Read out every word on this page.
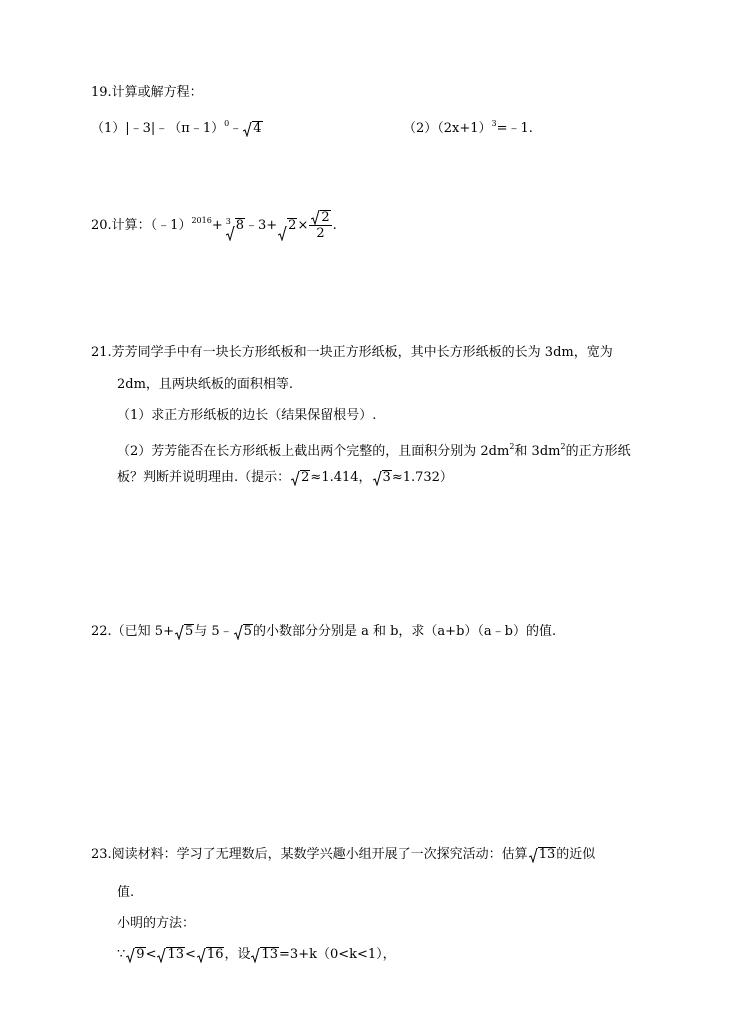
19.计算或解方程：
（1）|﹣3|﹣（π﹣1）$^0$﹣ 4	$(2)(2x+1)^3=﹣1$.
20.计算：（﹣1）$^{2016}$+ 3 8﹣3+ $2\times \frac{2}{2}$ .
21.芳芳同学手中有一块长方形纸板和一块正方形纸板，其中长方形纸板的长为 3dm，宽为
2dm，且两块纸板的面积相等.
（1）求正方形纸板的边长（结果保留根号）.
（2）芳芳能否在长方形纸板上截出两个完整的，且面积分别为 $2dm^2$和 $3dm^2$的正方形纸
板？判断并说明理由.（提示： 2≈1.414， 3≈1.732）
22.（已知 5+ 5与 5﹣ 5的小数部分分别是 a 和 b，求（a+b）（a﹣b）的值.
23.阅读材料：学习了无理数后，某数学兴趣小组开展了一次探究活动：估算 13的近似
值.
小明的方法：
∵ 9< 13< 16，设 13=3+k（0<k<1），
